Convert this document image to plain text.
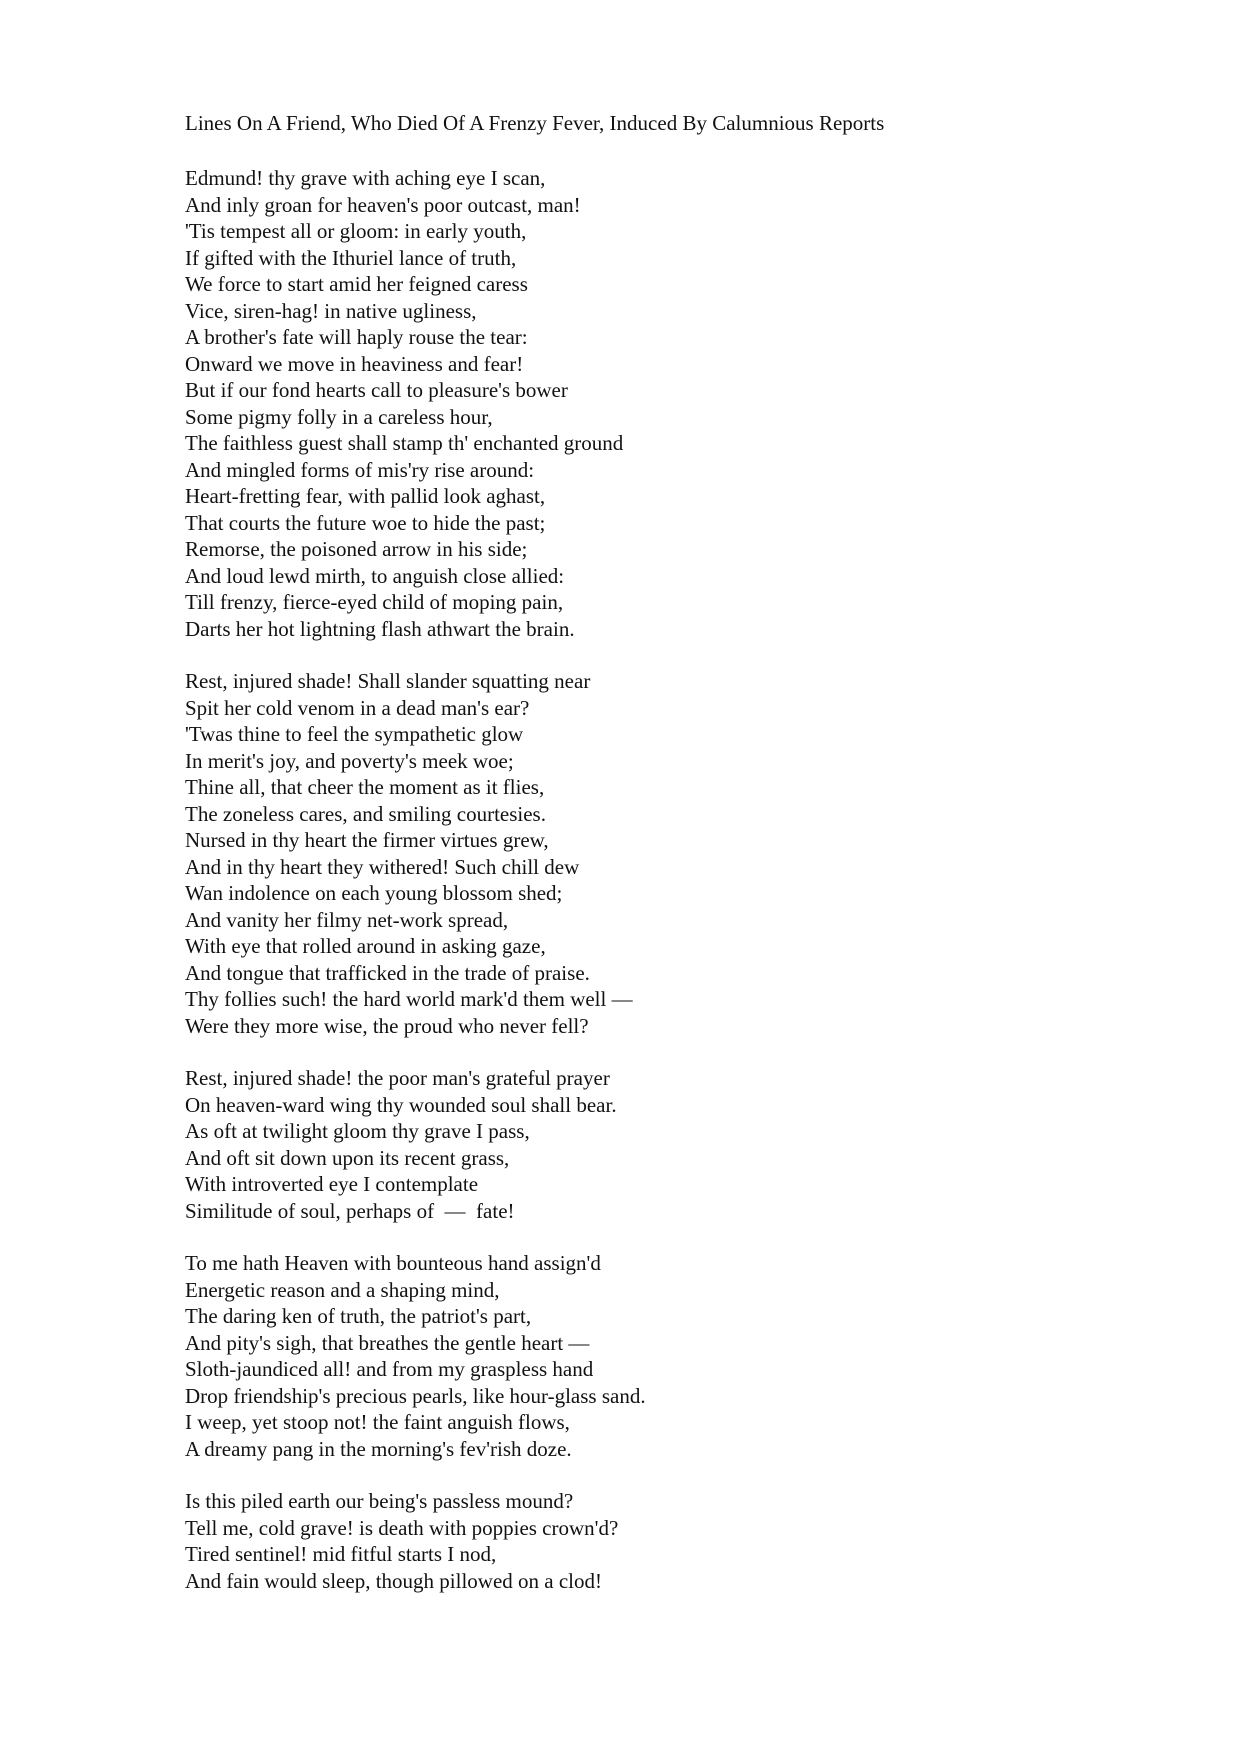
Lines On A Friend, Who Died Of A Frenzy Fever, Induced By Calumnious Reports
Edmund! thy grave with aching eye I scan,
And inly groan for heaven's poor outcast, man!
'Tis tempest all or gloom: in early youth,
If gifted with the Ithuriel lance of truth,
We force to start amid her feigned caress
Vice, siren-hag! in native ugliness,
A brother's fate will haply rouse the tear:
Onward we move in heaviness and fear!
But if our fond hearts call to pleasure's bower
Some pigmy folly in a careless hour,
The faithless guest shall stamp th' enchanted ground
And mingled forms of mis'ry rise around:
Heart-fretting fear, with pallid look aghast,
That courts the future woe to hide the past;
Remorse, the poisoned arrow in his side;
And loud lewd mirth, to anguish close allied:
Till frenzy, fierce-eyed child of moping pain,
Darts her hot lightning flash athwart the brain.
Rest, injured shade! Shall slander squatting near
Spit her cold venom in a dead man's ear?
'Twas thine to feel the sympathetic glow
In merit's joy, and poverty's meek woe;
Thine all, that cheer the moment as it flies,
The zoneless cares, and smiling courtesies.
Nursed in thy heart the firmer virtues grew,
And in thy heart they withered! Such chill dew
Wan indolence on each young blossom shed;
And vanity her filmy net-work spread,
With eye that rolled around in asking gaze,
And tongue that trafficked in the trade of praise.
Thy follies such! the hard world mark'd them well —
Were they more wise, the proud who never fell?
Rest, injured shade! the poor man's grateful prayer
On heaven-ward wing thy wounded soul shall bear.
As oft at twilight gloom thy grave I pass,
And oft sit down upon its recent grass,
With introverted eye I contemplate
Similitude of soul, perhaps of  —  fate!
To me hath Heaven with bounteous hand assign'd
Energetic reason and a shaping mind,
The daring ken of truth, the patriot's part,
And pity's sigh, that breathes the gentle heart —
Sloth-jaundiced all! and from my graspless hand
Drop friendship's precious pearls, like hour-glass sand.
I weep, yet stoop not! the faint anguish flows,
A dreamy pang in the morning's fev'rish doze.
Is this piled earth our being's passless mound?
Tell me, cold grave! is death with poppies crown'd?
Tired sentinel! mid fitful starts I nod,
And fain would sleep, though pillowed on a clod!
